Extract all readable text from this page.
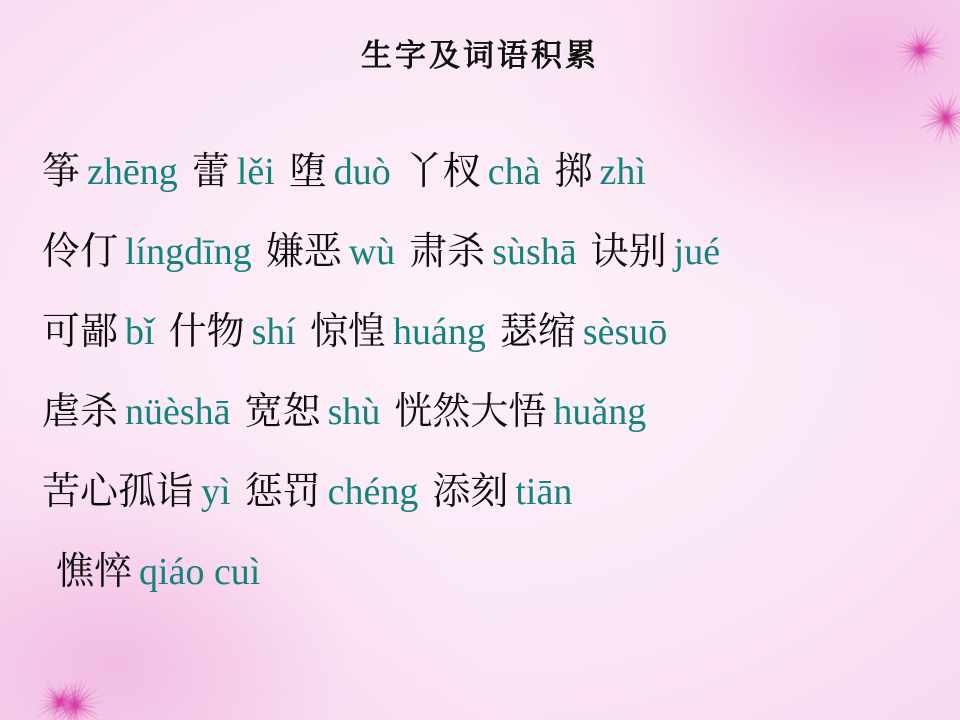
生字及词语积累
筝 zhēng 蕾 lěi 堕 duò 丫杈 chà 掷 zhì
伶仃 língdīng 嫌恶 wù 肃杀 sùshā 诀别 jué
可鄙 bǐ 什物 shí 惊惶 huáng 瑟缩 sèsuō
虐杀 nüèshā 宽恕 shù 恍然大悟 huǎng
苦心孤诣 yì 惩罚 chéng 添刻 tiān
憔悴 qiáo cuì
